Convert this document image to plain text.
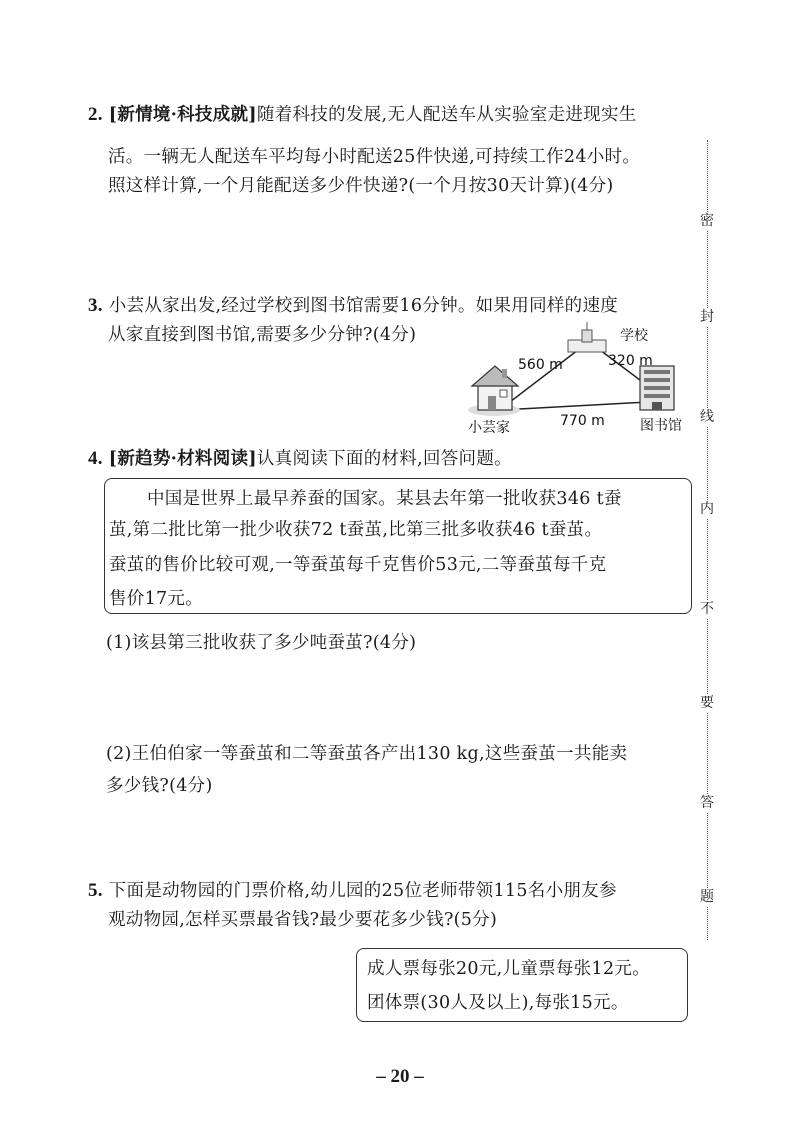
2. [新情境·科技成就]随着科技的发展,无人配送车从实验室走进现实生
活。一辆无人配送车平均每小时配送25件快递,可持续工作24小时。
照这样计算,一个月能配送多少件快递?(一个月按30天计算)(4分)
3. 小芸从家出发,经过学校到图书馆需要16分钟。如果用同样的速度
从家直接到图书馆,需要多少分钟?(4分)
560 m
学校
320 m
770 m
小芸家	图书馆
4. [新趋势·材料阅读]认真阅读下面的材料,回答问题。
中国是世界上最早养蚕的国家。某县去年第一批收获346 t蚕
茧,第二批比第一批少收获72 t蚕茧,比第三批多收获46 t蚕茧。
蚕茧的售价比较可观,一等蚕茧每千克售价53元,二等蚕茧每千克
售价17元。
(1)该县第三批收获了多少吨蚕茧?(4分)
(2)王伯伯家一等蚕茧和二等蚕茧各产出130 kg,这些蚕茧一共能卖
多少钱?(4分)
5. 下面是动物园的门票价格,幼儿园的25位老师带领115名小朋友参
观动物园,怎样买票最省钱?最少要花多少钱?(5分)
成人票每张20元,儿童票每张12元。
团体票(30人及以上),每张15元。
密
封
线
内
不
要
答
题
– 20 –
